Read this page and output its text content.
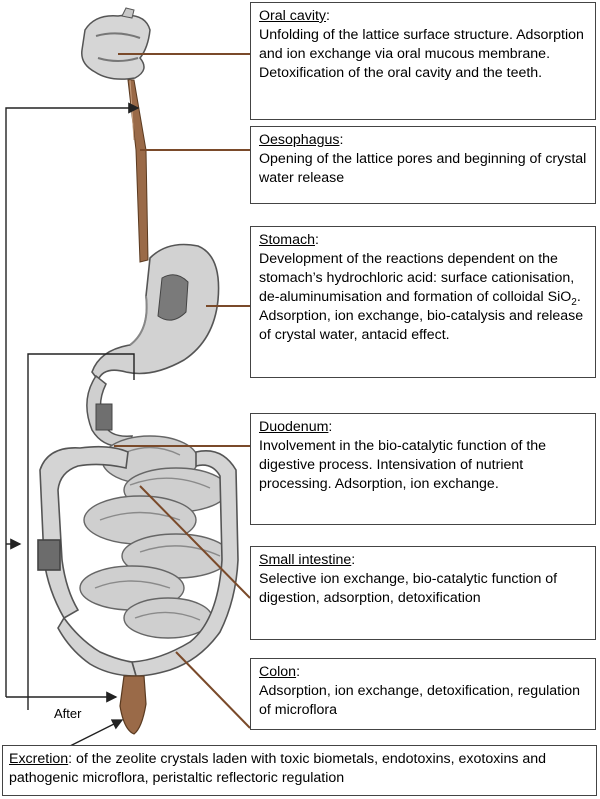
After
Oral cavity:
Unfolding of the lattice surface structure. Adsorption and ion exchange via oral mucous membrane. Detoxification of the oral cavity and the teeth.
Oesophagus:
Opening of the lattice pores and beginning of crystal water release
Stomach:
Development of the reactions dependent on the stomach’s hydrochloric acid: surface cationisation, de-aluminumisation and formation of colloidal SiO$_2$. Adsorption, ion exchange, bio-catalysis and release of crystal water, antacid effect.
Duodenum:
Involvement in the bio-catalytic function of the digestive process. Intensivation of nutrient processing. Adsorption, ion exchange.
Small intestine:
Selective ion exchange, bio-catalytic function of digestion, adsorption, detoxification
Colon:
Adsorption, ion exchange, detoxification, regulation of microflora
Excretion: of the zeolite crystals laden with toxic biometals, endotoxins, exotoxins and pathogenic microflora, peristaltic reflectoric regulation
